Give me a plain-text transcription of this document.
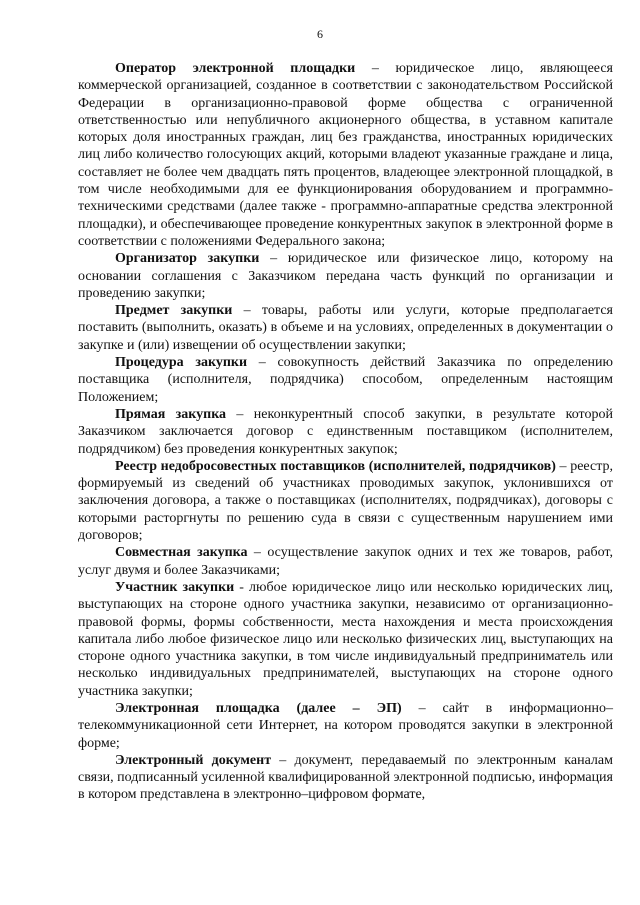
6

Оператор электронной площадки – юридическое лицо, являющееся коммерческой организацией, созданное в соответствии с законодательством Российской Федерации в организационно-правовой форме общества с ограниченной ответственностью или непубличного акционерного общества, в уставном капитале которых доля иностранных граждан, лиц без гражданства, иностранных юридических лиц либо количество голосующих акций, которыми владеют указанные граждане и лица, составляет не более чем двадцать пять процентов, владеющее электронной площадкой, в том числе необходимыми для ее функционирования оборудованием и программно-техническими средствами (далее также - программно-аппаратные средства электронной площадки), и обеспечивающее проведение конкурентных закупок в электронной форме в соответствии с положениями Федерального закона;

Организатор закупки – юридическое или физическое лицо, которому на основании соглашения с Заказчиком передана часть функций по организации и проведению закупки;

Предмет закупки – товары, работы или услуги, которые предполагается поставить (выполнить, оказать) в объеме и на условиях, определенных в документации о закупке и (или) извещении об осуществлении закупки;

Процедура закупки – совокупность действий Заказчика по определению поставщика (исполнителя, подрядчика) способом, определенным настоящим Положением;

Прямая закупка – неконкурентный способ закупки, в результате которой Заказчиком заключается договор с единственным поставщиком (исполнителем, подрядчиком) без проведения конкурентных закупок;

Реестр недобросовестных поставщиков (исполнителей, подрядчиков) – реестр, формируемый из сведений об участниках проводимых закупок, уклонившихся от заключения договора, а также о поставщиках (исполнителях, подрядчиках), договоры с которыми расторгнуты по решению суда в связи с существенным нарушением ими договоров;

Совместная закупка – осуществление закупок одних и тех же товаров, работ, услуг двумя и более Заказчиками;

Участник закупки - любое юридическое лицо или несколько юридических лиц, выступающих на стороне одного участника закупки, независимо от организационно-правовой формы, формы собственности, места нахождения и места происхождения капитала либо любое физическое лицо или несколько физических лиц, выступающих на стороне одного участника закупки, в том числе индивидуальный предприниматель или несколько индивидуальных предпринимателей, выступающих на стороне одного участника закупки;

Электронная площадка (далее – ЭП) – сайт в информационно–телекоммуникационной сети Интернет, на котором проводятся закупки в электронной форме;

Электронный документ – документ, передаваемый по электронным каналам связи, подписанный усиленной квалифицированной электронной подписью, информация в котором представлена в электронно–цифровом формате,
